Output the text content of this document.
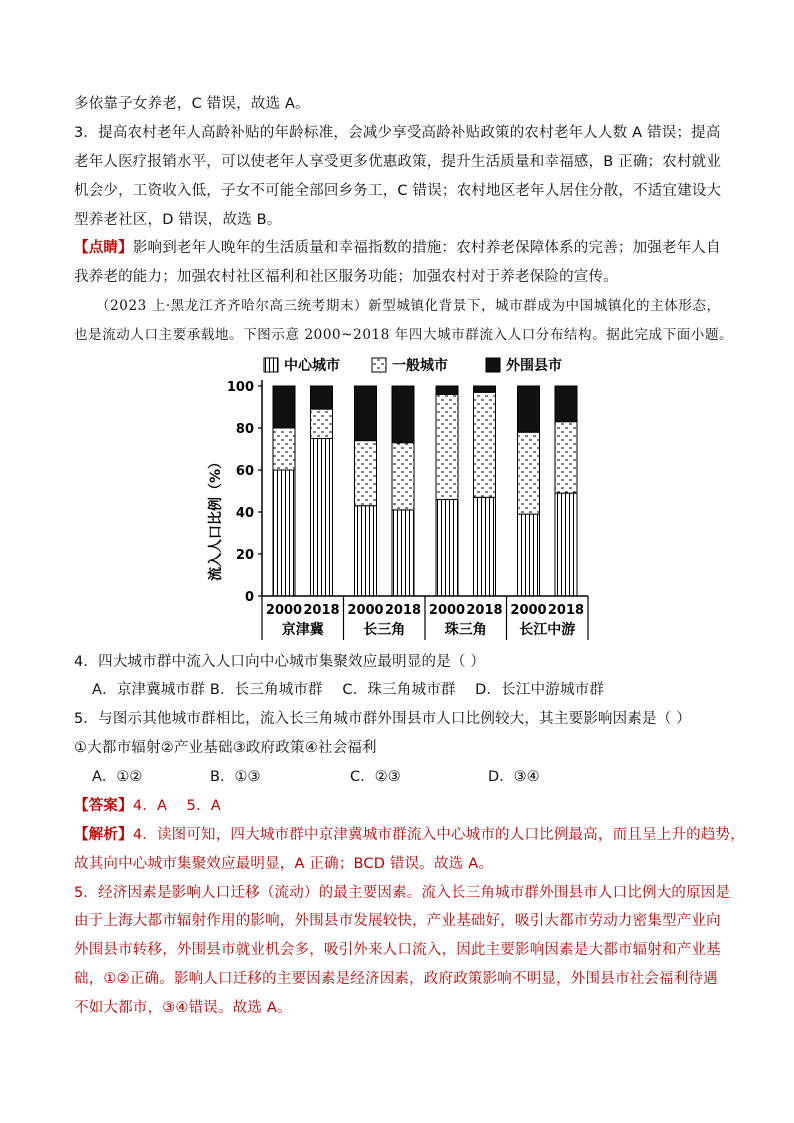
多依靠子女养老，C 错误，故选 A。
3．提高农村老年人高龄补贴的年龄标准，会减少享受高龄补贴政策的农村老年人人数 A 错误；提高
老年人医疗报销水平，可以使老年人享受更多优惠政策，提升生活质量和幸福感，B 正确；农村就业
机会少，工资收入低，子女不可能全部回乡务工，C 错误；农村地区老年人居住分散，不适宜建设大
型养老社区，D 错误，故选 B。
【点睛】影响到老年人晚年的生活质量和幸福指数的措施：农村养老保障体系的完善；加强老年人自
我养老的能力；加强农村社区福利和社区服务功能；加强农村对于养老保险的宣传。
（2023 上·黑龙江齐齐哈尔高三统考期末）新型城镇化背景下，城市群成为中国城镇化的主体形态，
也是流动人口主要承载地。下图示意 2000~2018 年四大城市群流入人口分布结构。据此完成下面小题。
中心城市	一般城市	外围县市
流入人口比例（%）
0
20
40
60
80
100
2000 2018
京津冀
2000 2018
长三角
2000 2018
珠三角
2000 2018
长江中游
4．四大城市群中流入人口向中心城市集聚效应最明显的是（ ）
A．京津冀城市群 B．长三角城市群　 C．珠三角城市群　 D．长江中游城市群
5．与图示其他城市群相比，流入长三角城市群外围县市人口比例较大，其主要影响因素是（ ）
①大都市辐射②产业基础③政府政策④社会福利
A．①②	B．①③	C．②③	D．③④
【答案】4．A　 5．A
【解析】4．读图可知，四大城市群中京津冀城市群流入中心城市的人口比例最高，而且呈上升的趋势，
故其向中心城市集聚效应最明显，A 正确；BCD 错误。故选 A。
5．经济因素是影响人口迁移（流动）的最主要因素。流入长三角城市群外围县市人口比例大的原因是
由于上海大都市辐射作用的影响，外围县市发展较快，产业基础好，吸引大都市劳动力密集型产业向
外围县市转移，外围县市就业机会多，吸引外来人口流入，因此主要影响因素是大都市辐射和产业基
础，①②正确。影响人口迁移的主要因素是经济因素，政府政策影响不明显，外围县市社会福利待遇
不如大都市，③④错误。故选 A。
